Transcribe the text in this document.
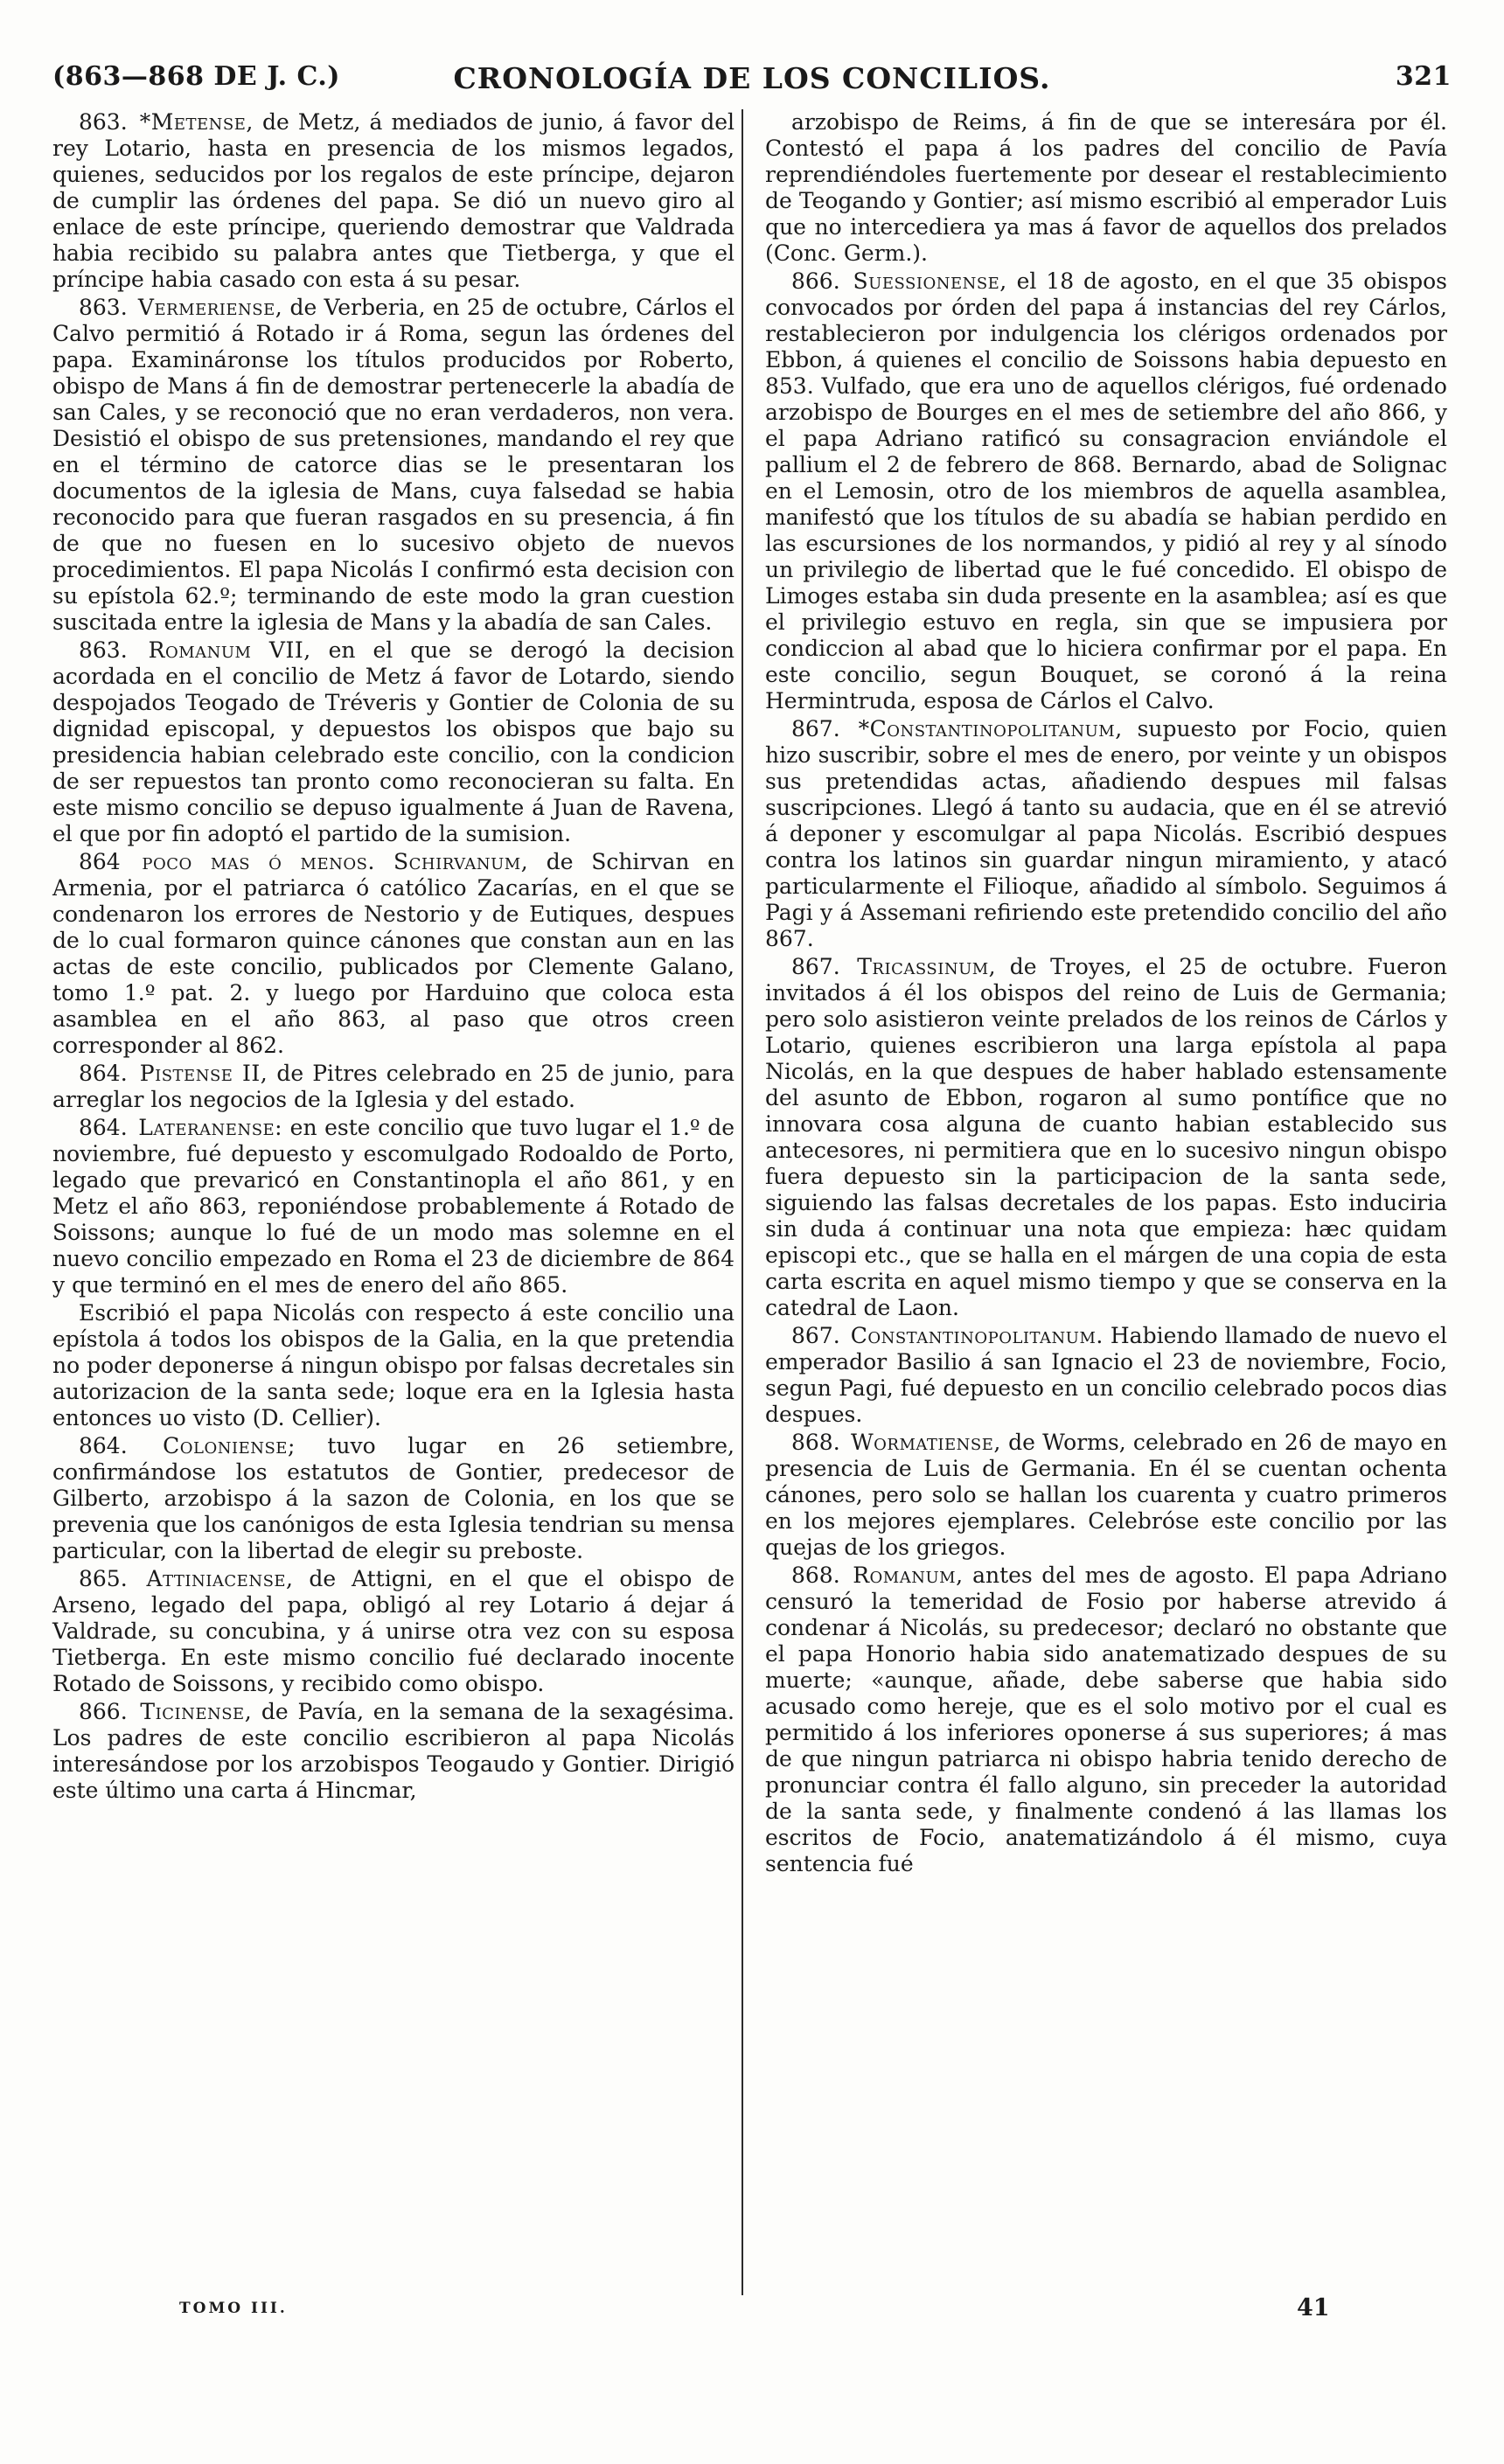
(863—868 DE J. C.)	CRONOLOGÍA DE LOS CONCILIOS.	321

863. *Metense, de Metz, á mediados de junio, á favor del rey Lotario, hasta en presencia de los mismos legados, quienes, seducidos por los regalos de este príncipe, dejaron de cumplir las órdenes del papa. Se dió un nuevo giro al enlace de este príncipe, queriendo demostrar que Valdrada habia recibido su palabra antes que Tietberga, y que el príncipe habia casado con esta á su pesar.

863. Vermeriense, de Verberia, en 25 de octubre, Cárlos el Calvo permitió á Rotado ir á Roma, segun las órdenes del papa. Examináronse los títulos producidos por Roberto, obispo de Mans á fin de demostrar pertenecerle la abadía de san Cales, y se reconoció que no eran verdaderos, non vera. Desistió el obispo de sus pretensiones, mandando el rey que en el término de catorce dias se le presentaran los documentos de la iglesia de Mans, cuya falsedad se habia reconocido para que fueran rasgados en su presencia, á fin de que no fuesen en lo sucesivo objeto de nuevos procedimientos. El papa Nicolás I confirmó esta decision con su epístola 62.º; terminando de este modo la gran cuestion suscitada entre la iglesia de Mans y la abadía de san Cales.

863. Romanum VII, en el que se derogó la decision acordada en el concilio de Metz á favor de Lotardo, siendo despojados Teogado de Tréveris y Gontier de Colonia de su dignidad episcopal, y depuestos los obispos que bajo su presidencia habian celebrado este concilio, con la condicion de ser repuestos tan pronto como reconocieran su falta. En este mismo concilio se depuso igualmente á Juan de Ravena, el que por fin adoptó el partido de la sumision.

864 poco mas ó menos. Schirvanum, de Schirvan en Armenia, por el patriarca ó católico Zacarías, en el que se condenaron los errores de Nestorio y de Eutiques, despues de lo cual formaron quince cánones que constan aun en las actas de este concilio, publicados por Clemente Galano, tomo 1.º pat. 2. y luego por Harduino que coloca esta asamblea en el año 863, al paso que otros creen corresponder al 862.

864. Pistense II, de Pitres celebrado en 25 de junio, para arreglar los negocios de la Iglesia y del estado.

864. Lateranense: en este concilio que tuvo lugar el 1.º de noviembre, fué depuesto y escomulgado Rodoaldo de Porto, legado que prevaricó en Constantinopla el año 861, y en Metz el año 863, reponiéndose probablemente á Rotado de Soissons; aunque lo fué de un modo mas solemne en el nuevo concilio empezado en Roma el 23 de diciembre de 864 y que terminó en el mes de enero del año 865.

Escribió el papa Nicolás con respecto á este concilio una epístola á todos los obispos de la Galia, en la que pretendia no poder deponerse á ningun obispo por falsas decretales sin autorizacion de la santa sede; loque era en la Iglesia hasta entonces uo visto (D. Cellier).

864. Coloniense; tuvo lugar en 26 setiembre, confirmándose los estatutos de Gontier, predecesor de Gilberto, arzobispo á la sazon de Colonia, en los que se prevenia que los canónigos de esta Iglesia tendrian su mensa particular, con la libertad de elegir su preboste.

865. Attiniacense, de Attigni, en el que el obispo de Arseno, legado del papa, obligó al rey Lotario á dejar á Valdrade, su concubina, y á unirse otra vez con su esposa Tietberga. En este mismo concilio fué declarado inocente Rotado de Soissons, y recibido como obispo.

866. Ticinense, de Pavía, en la semana de la sexagésima. Los padres de este concilio escribieron al papa Nicolás interesándose por los arzobispos Teogaudo y Gontier. Dirigió este último una carta á Hincmar,

arzobispo de Reims, á fin de que se interesára por él. Contestó el papa á los padres del concilio de Pavía reprendiéndoles fuertemente por desear el restablecimiento de Teogando y Gontier; así mismo escribió al emperador Luis que no intercediera ya mas á favor de aquellos dos prelados (Conc. Germ.).

866. Suessionense, el 18 de agosto, en el que 35 obispos convocados por órden del papa á instancias del rey Cárlos, restablecieron por indulgencia los clérigos ordenados por Ebbon, á quienes el concilio de Soissons habia depuesto en 853. Vulfado, que era uno de aquellos clérigos, fué ordenado arzobispo de Bourges en el mes de setiembre del año 866, y el papa Adriano ratificó su consagracion enviándole el pallium el 2 de febrero de 868. Bernardo, abad de Solignac en el Lemosin, otro de los miembros de aquella asamblea, manifestó que los títulos de su abadía se habian perdido en las escursiones de los normandos, y pidió al rey y al sínodo un privilegio de libertad que le fué concedido. El obispo de Limoges estaba sin duda presente en la asamblea; así es que el privilegio estuvo en regla, sin que se impusiera por condiccion al abad que lo hiciera confirmar por el papa. En este concilio, segun Bouquet, se coronó á la reina Hermintruda, esposa de Cárlos el Calvo.

867. *Constantinopolitanum, supuesto por Focio, quien hizo suscribir, sobre el mes de enero, por veinte y un obispos sus pretendidas actas, añadiendo despues mil falsas suscripciones. Llegó á tanto su audacia, que en él se atrevió á deponer y escomulgar al papa Nicolás. Escribió despues contra los latinos sin guardar ningun miramiento, y atacó particularmente el Filioque, añadido al símbolo. Seguimos á Pagi y á Assemani refiriendo este pretendido concilio del año 867.

867. Tricassinum, de Troyes, el 25 de octubre. Fueron invitados á él los obispos del reino de Luis de Germania; pero solo asistieron veinte prelados de los reinos de Cárlos y Lotario, quienes escribieron una larga epístola al papa Nicolás, en la que despues de haber hablado estensamente del asunto de Ebbon, rogaron al sumo pontífice que no innovara cosa alguna de cuanto habian establecido sus antecesores, ni permitiera que en lo sucesivo ningun obispo fuera depuesto sin la participacion de la santa sede, siguiendo las falsas decretales de los papas. Esto induciria sin duda á continuar una nota que empieza: hæc quidam episcopi etc., que se halla en el márgen de una copia de esta carta escrita en aquel mismo tiempo y que se conserva en la catedral de Laon.

867. Constantinopolitanum. Habiendo llamado de nuevo el emperador Basilio á san Ignacio el 23 de noviembre, Focio, segun Pagi, fué depuesto en un concilio celebrado pocos dias despues.

868. Wormatiense, de Worms, celebrado en 26 de mayo en presencia de Luis de Germania. En él se cuentan ochenta cánones, pero solo se hallan los cuarenta y cuatro primeros en los mejores ejemplares. Celebróse este concilio por las quejas de los griegos.

868. Romanum, antes del mes de agosto. El papa Adriano censuró la temeridad de Fosio por haberse atrevido á condenar á Nicolás, su predecesor; declaró no obstante que el papa Honorio habia sido anatematizado despues de su muerte; «aunque, añade, debe saberse que habia sido acusado como hereje, que es el solo motivo por el cual es permitido á los inferiores oponerse á sus superiores; á mas de que ningun patriarca ni obispo habria tenido derecho de pronunciar contra él fallo alguno, sin preceder la autoridad de la santa sede, y finalmente condenó á las llamas los escritos de Focio, anatematizándolo á él mismo, cuya sentencia fué

TOMO III.	41
